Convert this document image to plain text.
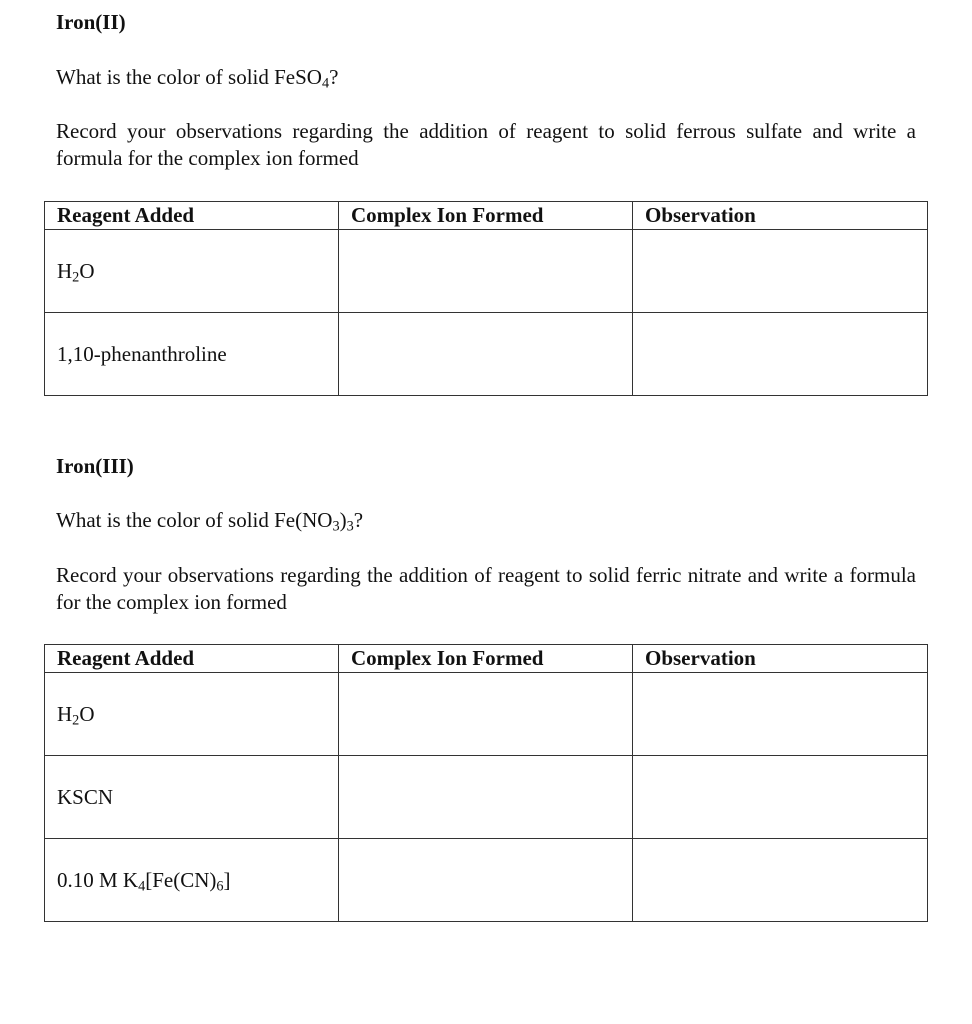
Iron(II)
What is the color of solid FeSO$_4$?
Record your observations regarding the addition of reagent to solid ferrous sulfate and write a formula for the complex ion formed
Reagent Added	Complex Ion Formed	Observation
$H_2O$		
1,10-phenanthroline		
Iron(III)
What is the color of solid $Fe(NO_3)_3$?
Record your observations regarding the addition of reagent to solid ferric nitrate and write a formula for the complex ion formed
Reagent Added	Complex Ion Formed	Observation
$H_2O$		
KSCN		
0.10 M $K_4[Fe(CN)_6]$		
